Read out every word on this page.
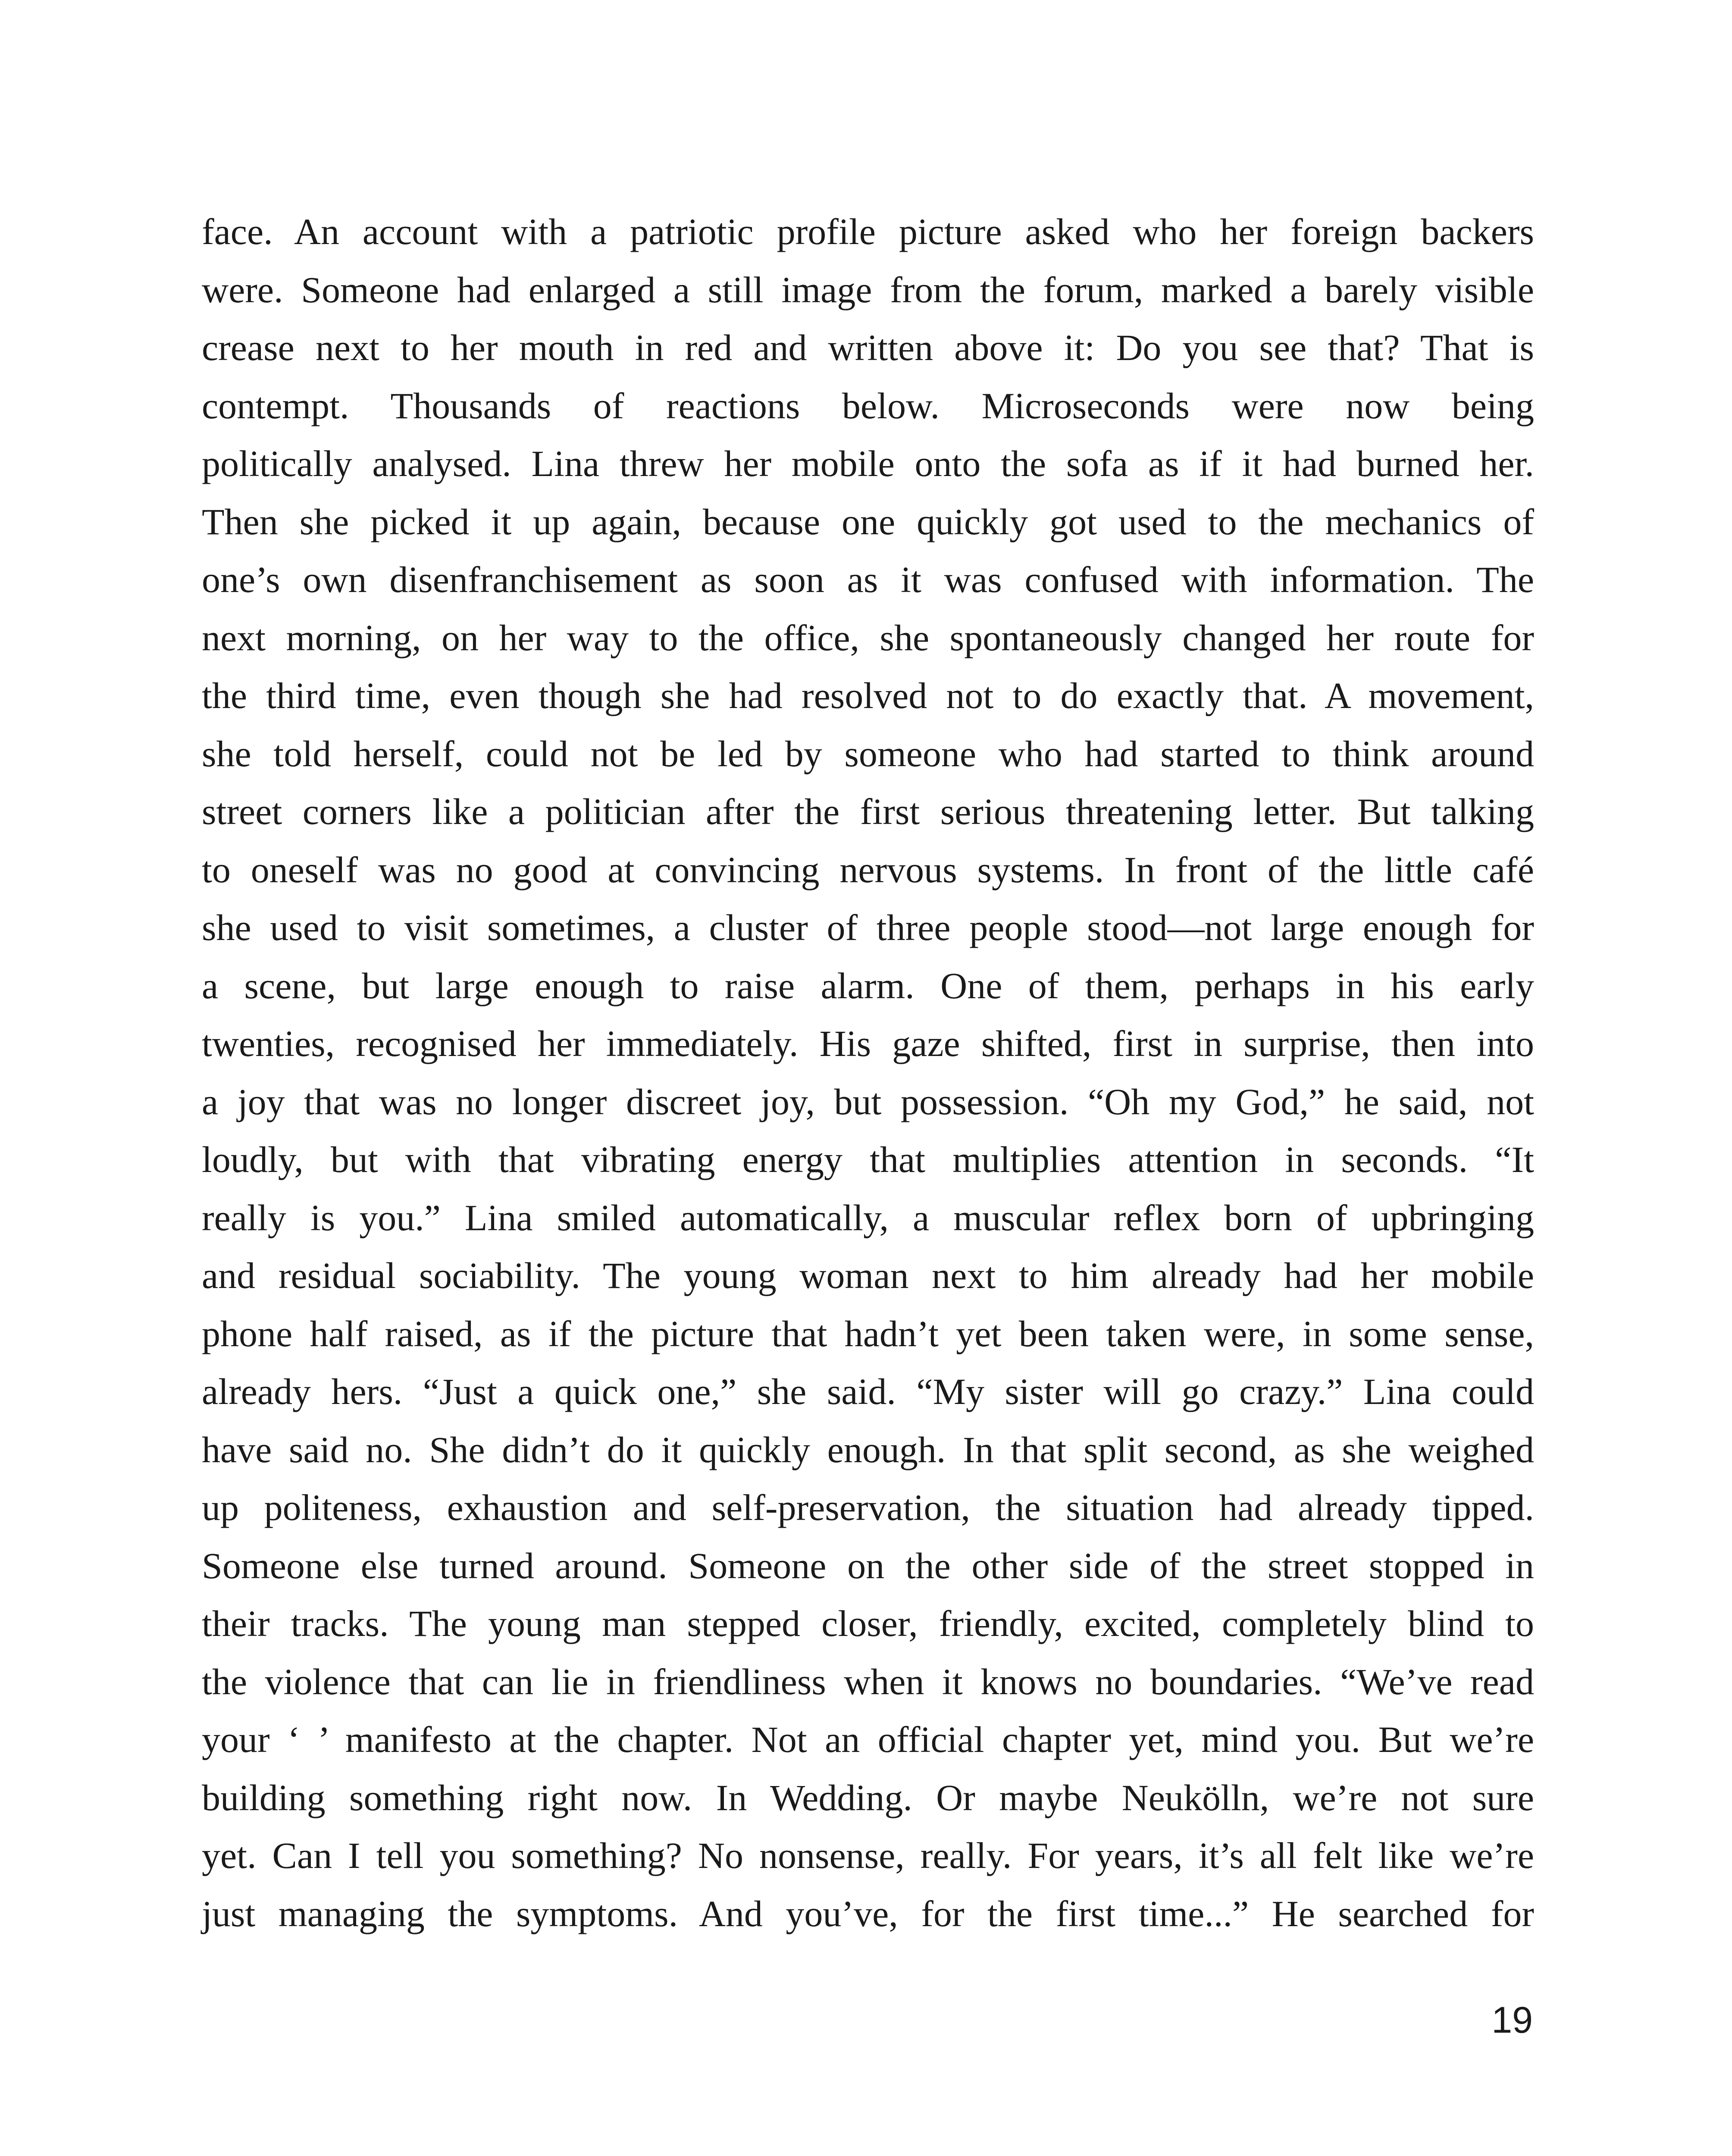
face. An account with a patriotic profile picture asked who her foreign backers
were. Someone had enlarged a still image from the forum, marked a barely visible
crease next to her mouth in red and written above it: Do you see that? That is
contempt. Thousands of reactions below. Microseconds were now being
politically analysed. Lina threw her mobile onto the sofa as if it had burned her.
Then she picked it up again, because one quickly got used to the mechanics of
one’s own disenfranchisement as soon as it was confused with information. The
next morning, on her way to the office, she spontaneously changed her route for
the third time, even though she had resolved not to do exactly that. A movement,
she told herself, could not be led by someone who had started to think around
street corners like a politician after the first serious threatening letter. But talking
to oneself was no good at convincing nervous systems. In front of the little café
she used to visit sometimes, a cluster of three people stood—not large enough for
a scene, but large enough to raise alarm. One of them, perhaps in his early
twenties, recognised her immediately. His gaze shifted, first in surprise, then into
a joy that was no longer discreet joy, but possession. “Oh my God,” he said, not
loudly, but with that vibrating energy that multiplies attention in seconds. “It
really is you.” Lina smiled automatically, a muscular reflex born of upbringing
and residual sociability. The young woman next to him already had her mobile
phone half raised, as if the picture that hadn’t yet been taken were, in some sense,
already hers. “Just a quick one,” she said. “My sister will go crazy.” Lina could
have said no. She didn’t do it quickly enough. In that split second, as she weighed
up politeness, exhaustion and self-preservation, the situation had already tipped.
Someone else turned around. Someone on the other side of the street stopped in
their tracks. The young man stepped closer, friendly, excited, completely blind to
the violence that can lie in friendliness when it knows no boundaries. “We’ve read
your ‘ ’ manifesto at the chapter. Not an official chapter yet, mind you. But we’re
building something right now. In Wedding. Or maybe Neukölln, we’re not sure
yet. Can I tell you something? No nonsense, really. For years, it’s all felt like we’re
just managing the symptoms. And you’ve, for the first time...” He searched for
19
